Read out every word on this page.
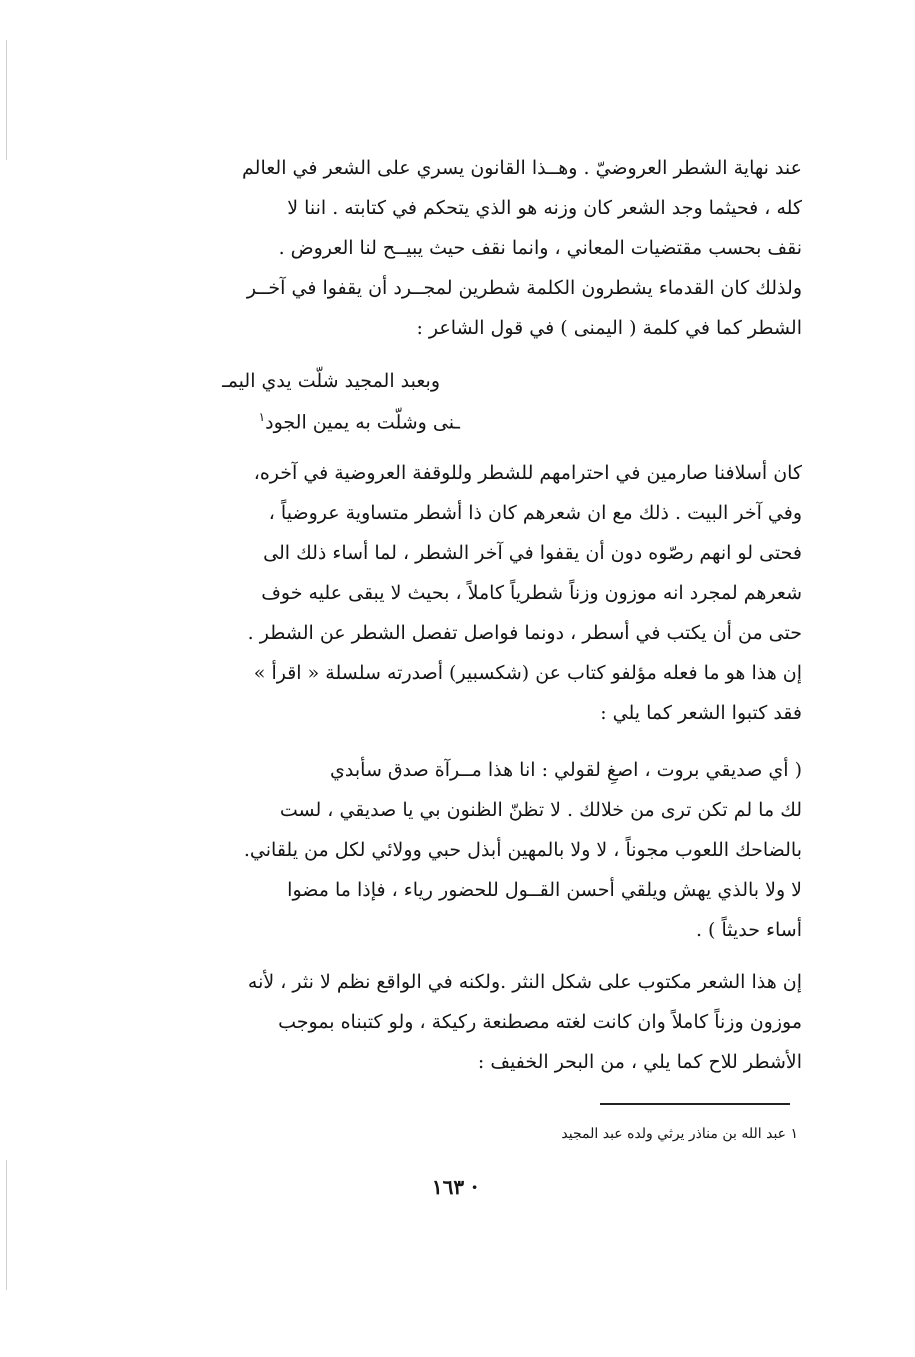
عند نهاية الشطر العروضيّ . وهــذا القانون يسري على الشعر في العالم
كله ، فحيثما وجد الشعر كان وزنه هو الذي يتحكم في كتابته . اننا لا
نقف بحسب مقتضيات المعاني ، وانما نقف حيث يبيــح لنا العروض .
ولذلك كان القدماء يشطرون الكلمة شطرين لمجــرد أن يقفوا في آخــر
الشطر كما في كلمة ( اليمنى ) في قول الشاعر :
وبعبد المجيد شلّت يدي اليمـ
ـنى وشلّت به يمين الجود$^١$
كان أسلافنا صارمين في احترامهم للشطر وللوقفة العروضية في آخره،
وفي آخر البيت . ذلك مع ان شعرهم كان ذا أشطر متساوية عروضياً ،
فحتى لو انهم رصّوه دون أن يقفوا في آخر الشطر ، لما أساء ذلك الى
شعرهم لمجرد انه موزون وزناً شطرياً كاملاً ، بحيث لا يبقى عليه خوف
حتى من أن يكتب في أسطر ، دونما فواصل تفصل الشطر عن الشطر .
إن هذا هو ما فعله مؤلفو كتاب عن (شكسبير) أصدرته سلسلة « اقرأ »
فقد كتبوا الشعر كما يلي :
( أي صديقي بروت ، اصغِ لقولي : انا هذا مــرآة صدق سأبدي
لك ما لم تكن ترى من خلالك . لا تظنّ الظنون بي يا صديقي ، لست
بالضاحك اللعوب مجوناً ، لا ولا بالمهين أبذل حبي وولائي لكل من يلقاني.
لا ولا بالذي يهش ويلقي أحسن القــول للحضور رياء ، فإذا ما مضوا
أساء حديثاً ) .
إن هذا الشعر مكتوب على شكل النثر .ولكنه في الواقع نظم لا نثر ، لأنه
موزون وزناً كاملاً وان كانت لغته مصطنعة ركيكة ، ولو كتبناه بموجب
الأشطر للاح كما يلي ، من البحر الخفيف :
١ عبد الله بن مناذر يرثي ولده عبد المجيد
· ١٦٣
